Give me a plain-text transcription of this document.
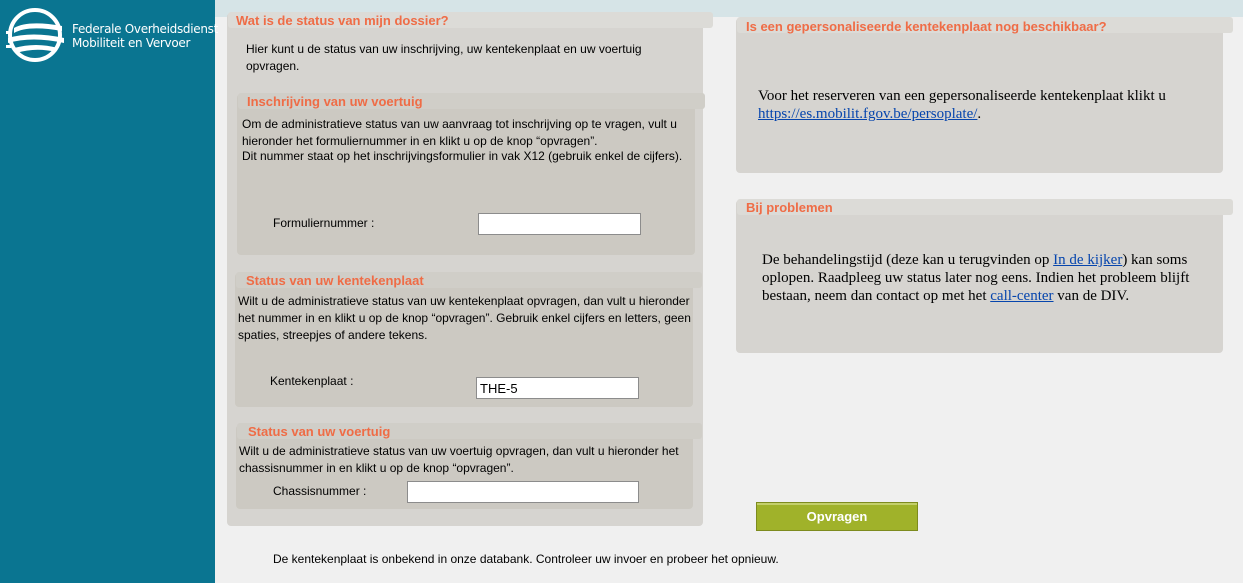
Federale Overheidsdienst
Mobiliteit en Vervoer
Wat is de status van mijn dossier?
Hier kunt u de status van uw inschrijving, uw kentekenplaat en uw voertuig opvragen.
Inschrijving van uw voertuig
Om de administratieve status van uw aanvraag tot inschrijving op te vragen, vult u hieronder het formuliernummer in en klikt u op de knop “opvragen”.
Dit nummer staat op het inschrijvingsformulier in vak X12 (gebruik enkel de cijfers).
Formuliernummer :
Status van uw kentekenplaat
Wilt u de administratieve status van uw kentekenplaat opvragen, dan vult u hieronder het nummer in en klikt u op de knop “opvragen”. Gebruik enkel cijfers en letters, geen spaties, streepjes of andere tekens.
Kentekenplaat :
THE-5
Status van uw voertuig
Wilt u de administratieve status van uw voertuig opvragen, dan vult u hieronder het chassisnummer in en klikt u op de knop “opvragen”.
Chassisnummer :
Is een gepersonaliseerde kentekenplaat nog beschikbaar?
Voor het reserveren van een gepersonaliseerde kentekenplaat klikt u https://es.mobilit.fgov.be/persoplate/.
Bij problemen
De behandelingstijd (deze kan u terugvinden op In de kijker) kan soms oplopen. Raadpleeg uw status later nog eens. Indien het probleem blijft bestaan, neem dan contact op met het call-center van de DIV.
Opvragen
De kentekenplaat is onbekend in onze databank. Controleer uw invoer en probeer het opnieuw.
